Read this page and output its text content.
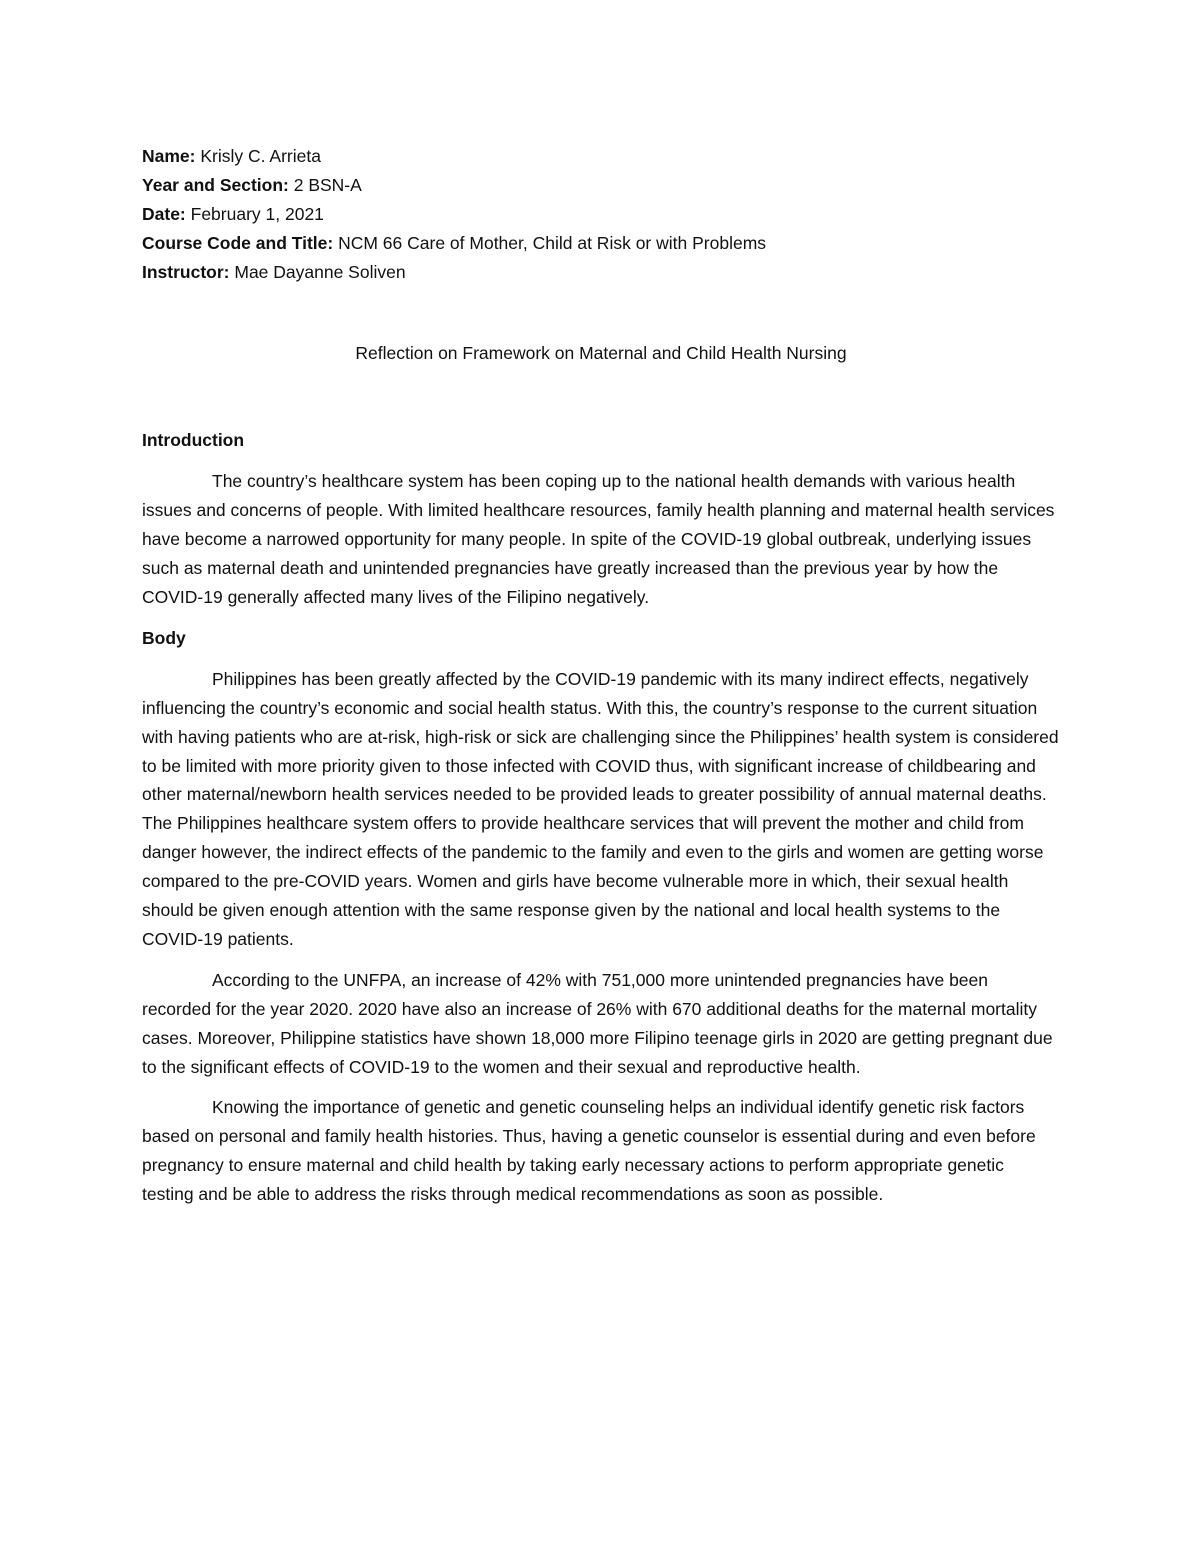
Name: Krisly C. Arrieta

Year and Section: 2 BSN-A

Date: February 1, 2021

Course Code and Title: NCM 66 Care of Mother, Child at Risk or with Problems

Instructor: Mae Dayanne Soliven

Reflection on Framework on Maternal and Child Health Nursing
Introduction

The country’s healthcare system has been coping up to the national health demands with various health issues and concerns of people. With limited healthcare resources, family health planning and maternal health services have become a narrowed opportunity for many people. In spite of the COVID-19 global outbreak, underlying issues such as maternal death and unintended pregnancies have greatly increased than the previous year by how the COVID-19 generally affected many lives of the Filipino negatively.

Body

Philippines has been greatly affected by the COVID-19 pandemic with its many indirect effects, negatively influencing the country’s economic and social health status. With this, the country’s response to the current situation with having patients who are at-risk, high-risk or sick are challenging since the Philippines’ health system is considered to be limited with more priority given to those infected with COVID thus, with significant increase of childbearing and other maternal/newborn health services needed to be provided leads to greater possibility of annual maternal deaths. The Philippines healthcare system offers to provide healthcare services that will prevent the mother and child from danger however, the indirect effects of the pandemic to the family and even to the girls and women are getting worse compared to the pre-COVID years. Women and girls have become vulnerable more in which, their sexual health should be given enough attention with the same response given by the national and local health systems to the COVID-19 patients.

According to the UNFPA, an increase of 42% with 751,000 more unintended pregnancies have been recorded for the year 2020. 2020 have also an increase of 26% with 670 additional deaths for the maternal mortality cases. Moreover, Philippine statistics have shown 18,000 more Filipino teenage girls in 2020 are getting pregnant due to the significant effects of COVID-19 to the women and their sexual and reproductive health.

Knowing the importance of genetic and genetic counseling helps an individual identify genetic risk factors based on personal and family health histories. Thus, having a genetic counselor is essential during and even before pregnancy to ensure maternal and child health by taking early necessary actions to perform appropriate genetic testing and be able to address the risks through medical recommendations as soon as possible.
